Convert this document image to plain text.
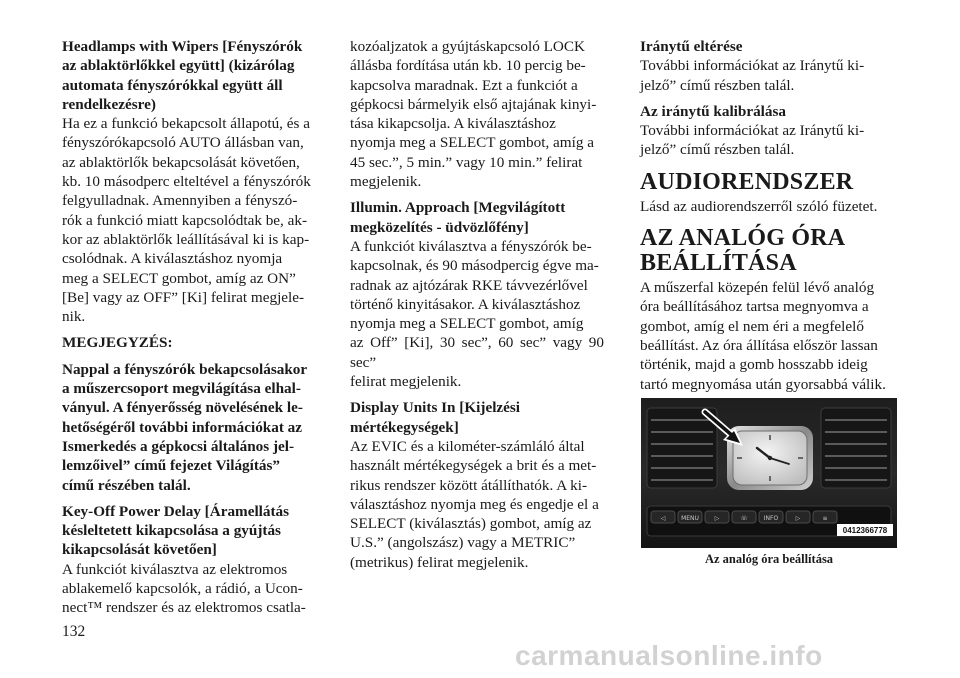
Headlamps with Wipers [Fényszórók
az ablaktörlőkkel együtt] (kizárólag
automata fényszórókkal együtt áll
rendelkezésre)
Ha ez a funkció bekapcsolt állapotú, és a
fényszórókapcsoló AUTO állásban van,
az ablaktörlők bekapcsolását követően,
kb. 10 másodperc elteltével a fényszórók
felgyulladnak. Amennyiben a fényszó-
rók a funkció miatt kapcsolódtak be, ak-
kor az ablaktörlők leállításával ki is kap-
csolódnak. A kiválasztáshoz nyomja
meg a SELECT gombot, amíg az ON”
[Be] vagy az OFF” [Ki] felirat megjele-
nik.
MEGJEGYZÉS:
Nappal a fényszórók bekapcsolásakor
a műszercsoport megvilágítása elhal-
ványul. A fényerősség növelésének le-
hetőségéről további információkat az
Ismerkedés a gépkocsi általános jel-
lemzőivel” című fejezet Világítás”
című részében talál.
Key-Off Power Delay [Áramellátás
késleltetett kikapcsolása a gyújtás
kikapcsolását követően]
A funkciót kiválasztva az elektromos
ablakemelő kapcsolók, a rádió, a Ucon-
nect™ rendszer és az elektromos csatla-
kozóaljzatok a gyújtáskapcsoló LOCK
állásba fordítása után kb. 10 percig be-
kapcsolva maradnak. Ezt a funkciót a
gépkocsi bármelyik első ajtajának kinyi-
tása kikapcsolja. A kiválasztáshoz
nyomja meg a SELECT gombot, amíg a
45 sec.”, 5 min.” vagy 10 min.” felirat
megjelenik.
Illumin. Approach [Megvilágított
megközelítés - üdvözlőfény]
A funkciót kiválasztva a fényszórók be-
kapcsolnak, és 90 másodpercig égve ma-
radnak az ajtózárak RKE távvezérlővel
történő kinyitásakor. A kiválasztáshoz
nyomja meg a SELECT gombot, amíg
az Off” [Ki], 30 sec”, 60 sec” vagy 90 sec”
felirat megjelenik.
Display Units In [Kijelzési
mértékegységek]
Az EVIC és a kilométer-számláló által
használt mértékegységek a brit és a met-
rikus rendszer között átállíthatók. A ki-
választáshoz nyomja meg és engedje el a
SELECT (kiválasztás) gombot, amíg az
U.S.” (angolszász) vagy a METRIC”
(metrikus) felirat megjelenik.
Iránytű eltérése
További információkat az Iránytű ki-
jelző” című részben talál.
Az iránytű kalibrálása
További információkat az Iránytű ki-
jelző” című részben talál.
AUDIORENDSZER
Lásd az audiorendszerről szóló füzetet.
AZ ANALÓG ÓRA
BEÁLLÍTÁSA
A műszerfal közepén felül lévő analóg
óra beállításához tartsa megnyomva a
gombot, amíg el nem éri a megfelelő
beállítást. Az óra állítása először lassan
történik, majd a gomb hosszabb ideig
tartó megnyomása után gyorsabbá válik.
◁	MENU	▷	☏	INFO	▷	≡
0412366778
Az analóg óra beállítása
132
carmanualsonline.info
